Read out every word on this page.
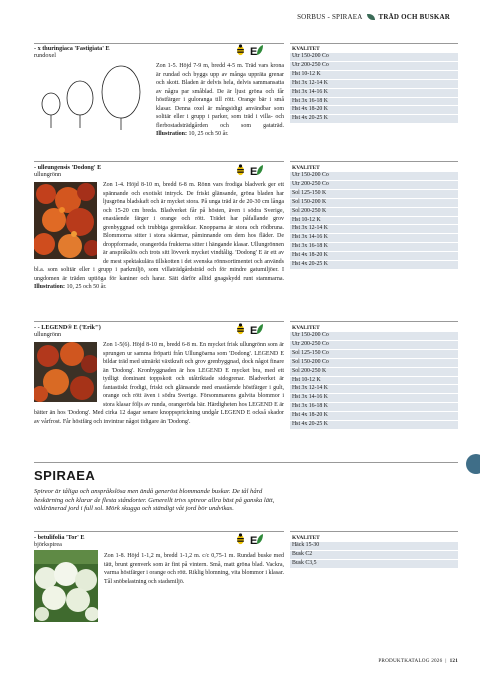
SORBUS - SPIRAEA TRÄD OCH BUSKAR
- x thuringiaca 'Fastigiata' E
rundoxel	E
Zon 1-5. Höjd 7-9 m, bredd 4-5 m. Träd vars krona är rundad och byggs upp av många uppräta grenar och skott. Bladen är delvis hela, delvis sammansatta av några par småblad. De är ljust gröna och får höstfärger i guloranga till rött. Orange bär i små klasar. Denna oxel är mångsidigt användbar som solitär eller i grupp i parker, som träd i villa- och flerbostadsträdgården och som gataträd. Illustration: 10, 25 och 50 år.
KVALITET
Utr 150-200 Co
Utr 200-250 Co
Hst 10-12 K
Hst 3x 12-14 K
Hst 3x 14-16 K
Hst 3x 16-18 K
Hst 4x 18-20 K
Hst 4x 20-25 K
- ulleungensis 'Dodong' E
ullungrönn	E
Zon 1-4. Höjd 8-10 m, bredd 6-8 m. Rönn vars frodiga bladverk ger ett spännande och exotiskt intryck. De friskt glänsande, gröna bladen har ljusgröna bladskaft och är mycket stora. På unga träd är de 20-30 cm långa och 15-20 cm breda. Bladverket får på hösten, även i södra Sverige, enastående färger i orange och rött. Trädet har påfallande grov grenbyggnad och trubbiga grenskikar. Knopparna är stora och rödbruna. Blommorna sitter i stora skärmar, påminnande om dem hos fläder. De droppformade, orangeröda frukterna sitter i hängande klasar. Ullungrönnen är anspråkslös och trots sitt lövverk mycket vindtålig. 'Dodong' E är ett av de mest spektakulära tillskotten i det svenska rönnsortimentet och används bl.a. som solitär eller i grupp i parkmiljö, som villaträdgårdsträd och för mindre gatumiljöer. I ungdomen är träden uptiöga för kaniner och harar. Sätt därför alltid gnagskydd runt stammarna. Illustration: 10, 25 och 50 år.
KVALITET
Utr 150-200 Co
Utr 200-250 Co
Sol 125-150 K
Sol 150-200 K
Sol 200-250 K
Hst 10-12 K
Hst 3x 12-14 K
Hst 3x 14-16 K
Hst 3x 16-18 K
Hst 4x 18-20 K
Hst 4x 20-25 K
- - LEGEND® E ('Erik’')
ullungrönn	E
Zon 1-5(6). Höjd 8-10 m, bredd 6-8 m. En mycket frisk ullungrönn som är sprungen ur samma fröparti från Ullungöarna som 'Dodong'. LEGEND E bildar träd med utmärkt växtkraft och grov grenbyggnad, dock något finare än 'Dodong'. Kronbyggnaden är hos LEGEND E mycket bra, med ett tydligt dominant toppskott och utåtriktade sidogrenar. Bladverket är fantastiskt frodigt, friskt och glänsande med enastående höstfärger i gult, orange och rött även i södra Sverige. Försommarens gulvita blommor i stora klasar följs av runda, orangeröda bär. Härdigheten hos LEGEND E är bätter än hos 'Dodong'. Med cirka 12 dagar senare knoppsprickning undgår LEGEND E också skador av vårfrost. Får höstfärg och invintrar något tidigare än 'Dodong'.
KVALITET
Utr 150-200 Co
Utr 200-250 Co
Sol 125-150 Co
Sol 150-200 Co
Sol 200-250 K
Hst 10-12 K
Hst 3x 12-14 K
Hst 3x 14-16 K
Hst 3x 16-18 K
Hst 4x 18-20 K
Hst 4x 20-25 K
SPIRAEA
Spireor är tåliga och anspråkslösa men ändå generöst blommande buskar. De tål hård beskärning och klarar de flesta ståndorter. Generellt trivs spireor allra bäst på ganska lätt, väldränerad jord i full sol. Mörk skugga och ständigt våt jord bör undvikas.
- betulifolia 'Tor' E
björkspirea	E
Zon 1-8. Höjd 1-1,2 m, bredd 1-1,2 m. c/c 0,75-1 m. Rundad buske med tätt, brunt grenverk som är fint på vintern. Små, matt gröna blad. Vackra, varma höstfärger i orange och rött. Riklig blomning, vita blommor i klasar. Tål snöbelastning och stadsmiljö.
KVALITET
Häck 15-30
Busk C2
Busk C3,5
PRODUKTKATALOG 2026  |  121
